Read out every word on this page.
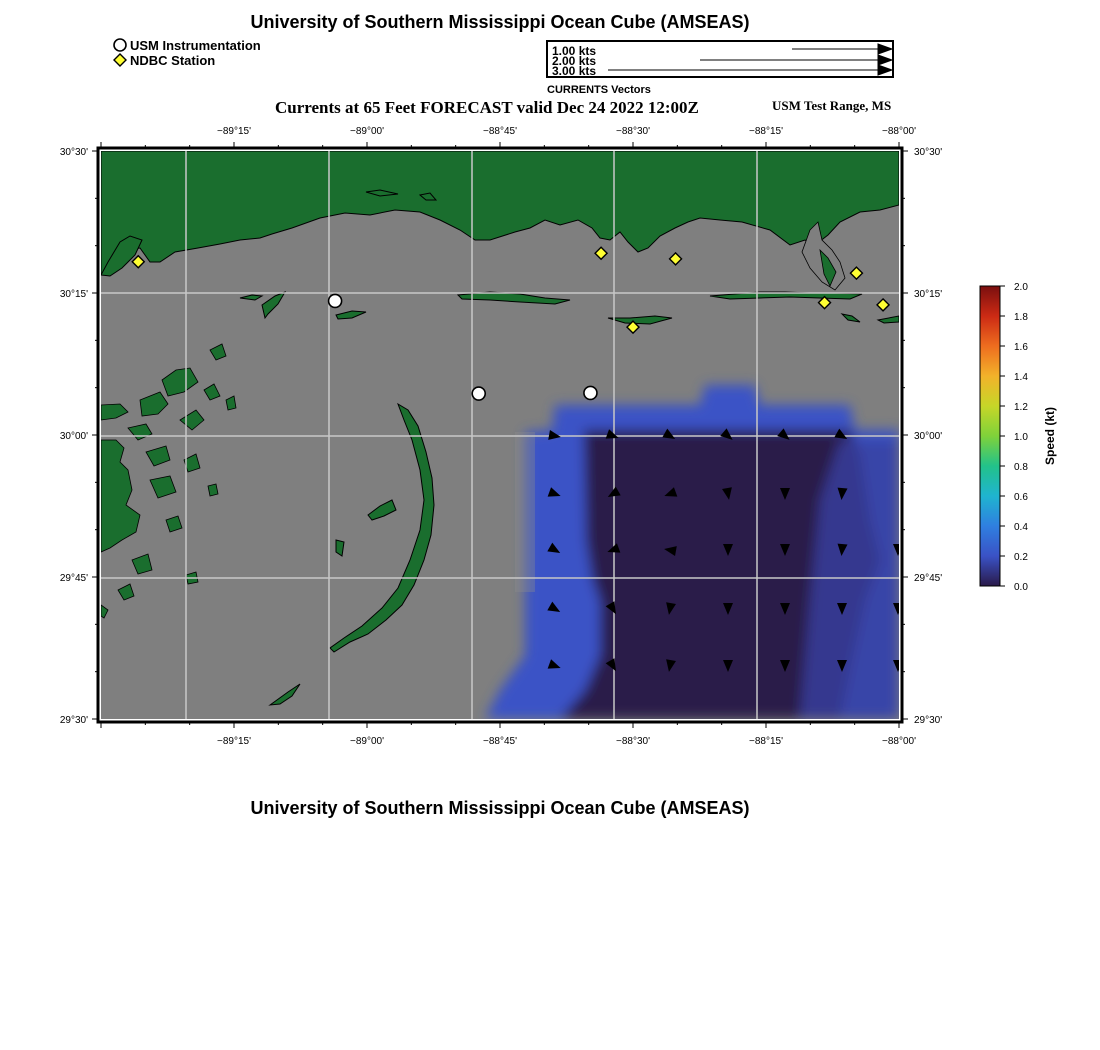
−89°15'	−89°00'	−88°45'	−88°30'	−88°15'	−88°00'
−89°15'	−89°00'	−88°45'	−88°30'	−88°15'	−88°00'
30°30'
30°15'
30°00'
29°45'
29°30'
30°30'
30°15'
30°00'
29°45'
29°30'
2.0
1.8
1.6
1.4
1.2
1.0
0.8
0.6
0.4
0.2
0.0
Speed (kt)
University of Southern Mississippi Ocean Cube (AMSEAS)
USM Instrumentation
NDBC Station
1.00 kts
2.00 kts
3.00 kts
CURRENTS Vectors
Currents at 65 Feet FORECAST valid Dec 24 2022 12:00Z	USM Test Range, MS
University of Southern Mississippi Ocean Cube (AMSEAS)
